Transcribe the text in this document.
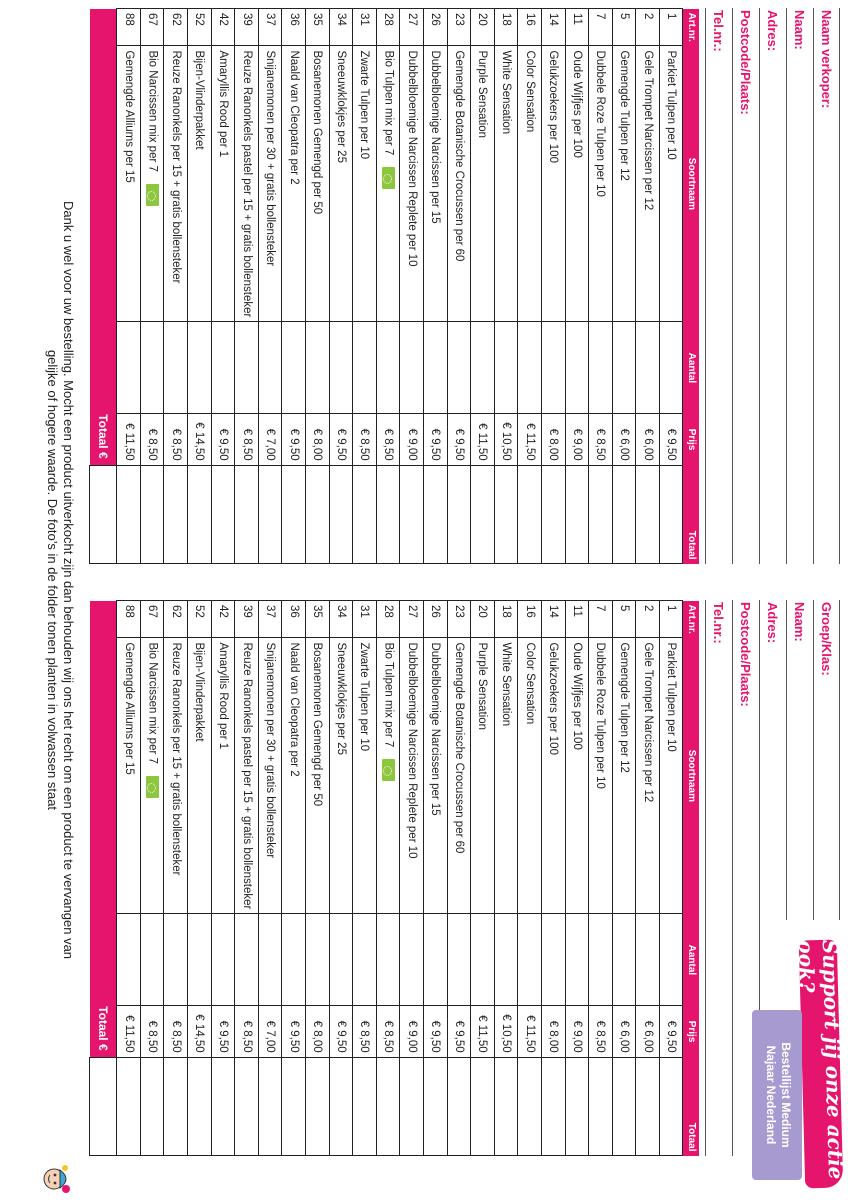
Naam verkoper:
Naam:
Adres:
Postcode/Plaats:
Tel.nr.:
Art.nr.	Soortnaam	Aantal	Prijs	Totaal
1	Parkiet Tulpen per 10		€ 9,50	
2	Gele Trompet Narcissen per 12		€ 6,00	
5	Gemengde Tulpen per 12		€ 6,00	
7	Dubbele Roze Tulpen per 10		€ 8,50	
11	Oude Wijfjes per 100		€ 9,00	
14	Gelukzoekers per 100		€ 8,00	
16	Color Sensation		€ 11,50	
18	White Sensation		€ 10,50	
20	Purple Sensation		€ 11,50	
23	Gemengde Botanische Crocussen per 60		€ 9,50	
26	Dubbelbloemige Narcissen per 15		€ 9,50	
27	Dubbelbloemige Narcissen Replete per 10		€ 9,00	
28	Bio Tulpen mix per 7		€ 8,50	
31	Zwarte Tulpen per 10		€ 8,50	
34	Sneeuwklokjes per 25		€ 9,50	
35	Bosanemonen Gemengd per 50		€ 8,00	
36	Naald van Cleopatra per 2		€ 9,50	
37	Snijanemonen per 30 + gratis bollensteker		€ 7,00	
39	Reuze Ranonkels pastel per 15 + gratis bollensteker		€ 8,50	
42	Amaryllis Rood per 1		€ 9,50	
52	Bijen-Vlinderpakket		€ 14,50	
62	Reuze Ranonkels per 15 + gratis bollensteker		€ 8,50	
67	Bio Narcissen mix per 7		€ 8,50	
88	Gemengde Alliums per 15		€ 11,50	
Totaal €				
Groep/Klas:
Naam:
Adres:
Postcode/Plaats:
Tel.nr.:
Art.nr.	Soortnaam	Aantal	Prijs	Totaal
1	Parkiet Tulpen per 10		€ 9,50	
2	Gele Trompet Narcissen per 12		€ 6,00	
5	Gemengde Tulpen per 12		€ 6,00	
7	Dubbele Roze Tulpen per 10		€ 8,50	
11	Oude Wijfjes per 100		€ 9,00	
14	Gelukzoekers per 100		€ 8,00	
16	Color Sensation		€ 11,50	
18	White Sensation		€ 10,50	
20	Purple Sensation		€ 11,50	
23	Gemengde Botanische Crocussen per 60		€ 9,50	
26	Dubbelbloemige Narcissen per 15		€ 9,50	
27	Dubbelbloemige Narcissen Replete per 10		€ 9,00	
28	Bio Tulpen mix per 7		€ 8,50	
31	Zwarte Tulpen per 10		€ 8,50	
34	Sneeuwklokjes per 25		€ 9,50	
35	Bosanemonen Gemengd per 50		€ 8,00	
36	Naald van Cleopatra per 2		€ 9,50	
37	Snijanemonen per 30 + gratis bollensteker		€ 7,00	
39	Reuze Ranonkels pastel per 15 + gratis bollensteker		€ 8,50	
42	Amaryllis Rood per 1		€ 9,50	
52	Bijen-Vlinderpakket		€ 14,50	
62	Reuze Ranonkels per 15 + gratis bollensteker		€ 8,50	
67	Bio Narcissen mix per 7		€ 8,50	
88	Gemengde Alliums per 15		€ 11,50	
Totaal €					Support jij onze actie ook?
Bestellijst Medium
Najaar Nederland
Dank u wel voor uw bestelling. Mocht een product uitverkocht zijn dan behouden wij ons het recht om een product te vervangen van
gelijke of hogere waarde. De foto’s in de folder tonen planten in volwassen staat
